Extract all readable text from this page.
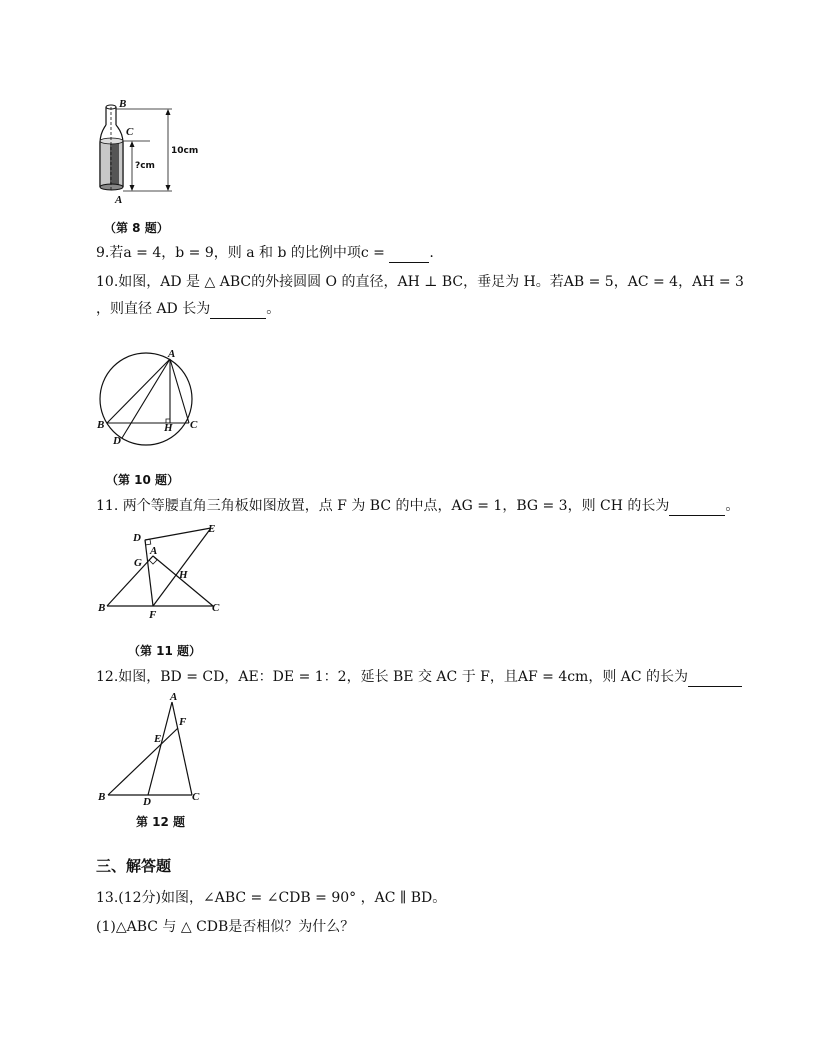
B
C
A
10cm
?cm
（第 8 题）
9.若a = 4，b = 9，则 a 和 b 的比例中项c =	.
10.如图，AD 是 △ ABC的外接圆圆 O 的直径，AH ⊥ BC，垂足为 H。若AB = 5，AC = 4，AH = 3
，则直径 AD 长为	。
A
B	C
D
H
（第 10 题）
11. 两个等腰直角三角板如图放置，点 F 为 BC 的中点，AG = 1，BG = 3，则 CH 的长为	。
D
E
G
A
H
B
F
C
（第 11 题）
12.如图，BD = CD，AE：DE = 1：2，延长 BE 交 AC 于 F，且AF = 4cm，则 AC 的长为
A
F
E
B	D	C
第 12 题
三、解答题
13.(12分)如图，∠ABC = ∠CDB = 90° ，AC ∥ BD。
(1)△ABC 与 △ CDB是否相似？为什么？
